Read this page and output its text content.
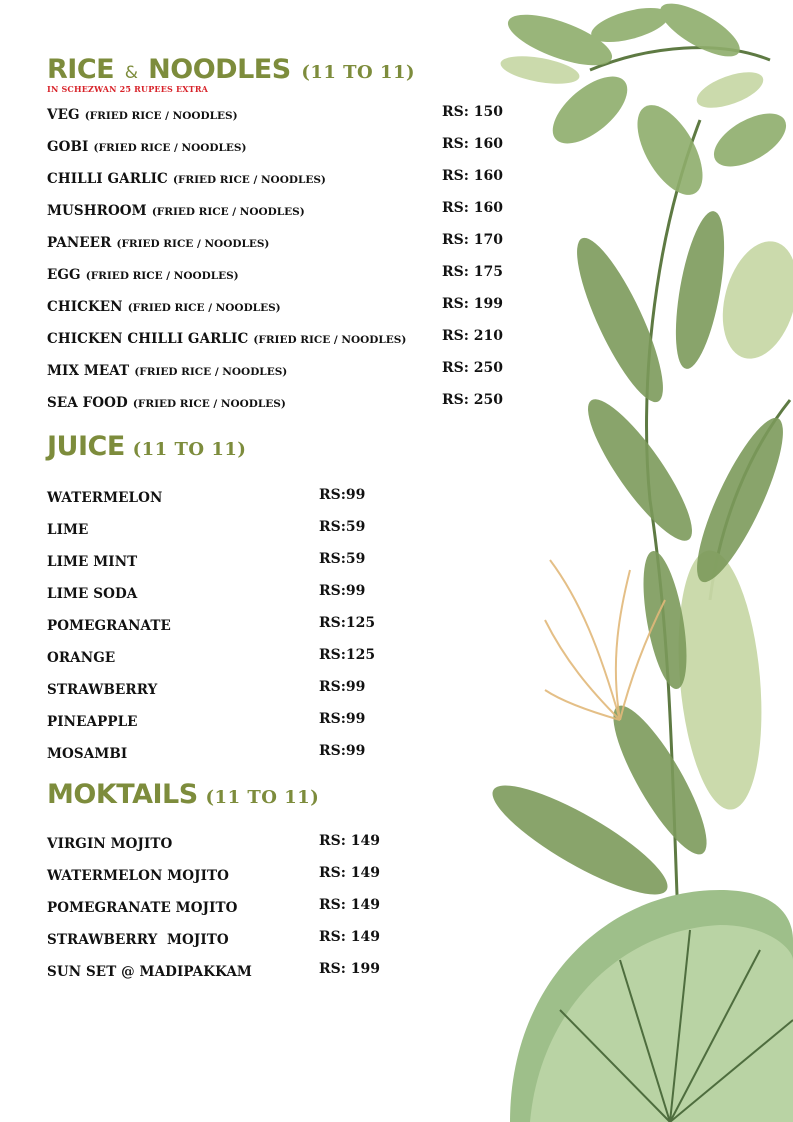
RICE & NOODLES (11 TO 11)
IN SCHEZWAN 25 RUPEES EXTRA
VEG (FRIED RICE / NOODLES)	RS: 150
GOBI (FRIED RICE / NOODLES)	RS: 160
CHILLI GARLIC (FRIED RICE / NOODLES)	RS: 160
MUSHROOM (FRIED RICE / NOODLES)	RS: 160
PANEER (FRIED RICE / NOODLES)	RS: 170
EGG (FRIED RICE / NOODLES)	RS: 175
CHICKEN (FRIED RICE / NOODLES)	RS: 199
CHICKEN CHILLI GARLIC (FRIED RICE / NOODLES)	RS: 210
MIX MEAT (FRIED RICE / NOODLES)	RS: 250
SEA FOOD (FRIED RICE / NOODLES)	RS: 250
JUICE (11 TO 11)
WATERMELON	RS:99
LIME	RS:59
LIME MINT	RS:59
LIME SODA	RS:99
POMEGRANATE	RS:125
ORANGE	RS:125
STRAWBERRY	RS:99
PINEAPPLE	RS:99
MOSAMBI	RS:99
MOKTAILS (11 TO 11)
VIRGIN MOJITO	RS: 149
WATERMELON MOJITO	RS: 149
POMEGRANATE MOJITO	RS: 149
STRAWBERRY  MOJITO	RS: 149
SUN SET @ MADIPAKKAM	RS: 199
